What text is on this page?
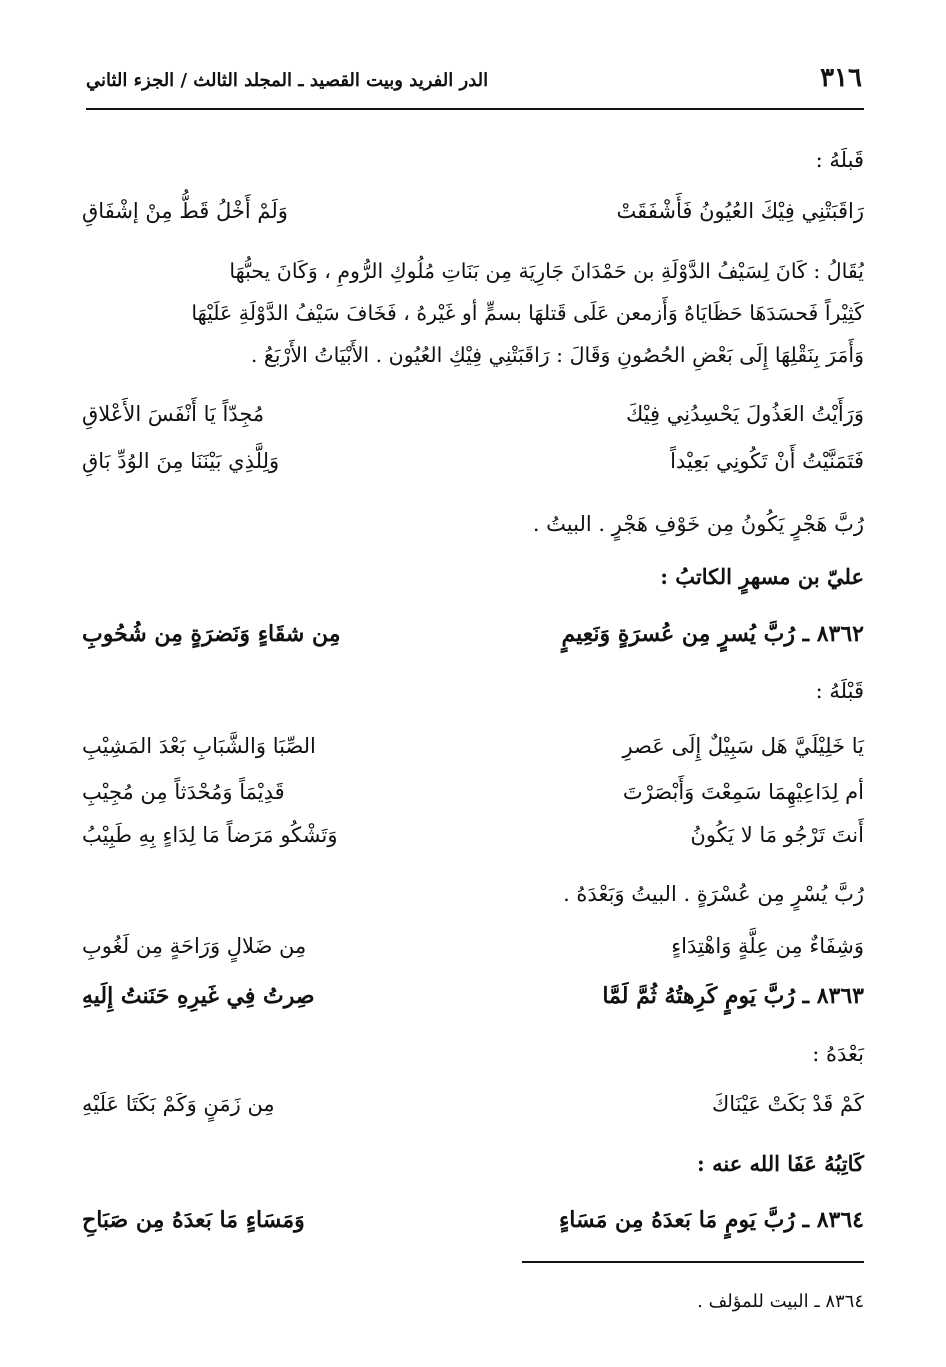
٣١٦
الدر الفريد وبيت القصيد ـ المجلد الثالث / الجزء الثاني
قَبلَهُ :
رَاقَبَتْنِي فِيْكَ العُيُونُ فَأَشْفَقَتْ
وَلَمْ أَخْلُ قَطُّ مِنْ إشْفَاقِ
يُقَالُ : كَانَ لِسَيْفُ الدَّوْلَةِ بن حَمْدَانَ جَارِيَة مِن بَنَاتِ مُلُوكِ الرُّومِ ، وَكَانَ يحبُّهَا
كَثِيْراً فَحسَدَهَا حَظَايَاهُ وَأَزمعن عَلَى قَتلهَا بسمٍّ أو غَيْرهُ ، فَخَافَ سَيْفُ الدَّوْلَةِ عَلَيْهَا
وَأَمَرَ بِنَقْلِهَا إِلَى بَعْضِ الحُصُونِ وَقَالَ : رَاقَبَتْنِي فِيْكِ العُيُون . الأَبْيَاتُ الأَرْبَعُ .
وَرَأَيْتُ العَذُولَ يَحْسِدُنِي فِيْكَ
مُجِدّاً يَا أَنْفَسَ الأَعْلاقِ
فَتَمَنَّيْتُ أَنْ تَكُونِي بَعِيْداً
وَلِلَّذِي بَيْنَنَا مِنَ الوُدِّ بَاقِ
رُبَّ هَجْرٍ يَكُونُ مِن خَوْفِ هَجْرٍ . البيتُ .
عليّ بن مسهرٍ الكاتبُ :
٨٣٦٢ ـ رُبَّ يُسرٍ مِن عُسرَةٍ وَنَعِيمٍ
مِن شقَاءٍ وَنَضرَةٍ مِن شُحُوبِ
قَبْلَهُ :
يَا خَلِيْلَيَّ هَل سَبِيْلٌ إِلَى عَصرِ
الصِّبَا وَالشَّبَابِ بَعْدَ المَشِيْبِ
أم لِدَاعِيْهِمَا سَمِعْتَ وَأَبْصَرْتَ
قَدِيْمَاً وَمُحْدَثاً مِن مُجِيْبِ
أَنتَ تَرْجُو مَا لا يَكُونُ
وَتَشْكُو مَرَضاً مَا لِدَاءٍ بِهِ طَبِيْبُ
رُبَّ يُسْرٍ مِن عُسْرَةٍ . البيتُ وَبَعْدَهُ .
وَشِفَاءٌ مِن عِلَّةٍ وَاهْتِدَاءٍ
مِن ضَلالٍ وَرَاحَةٍ مِن لَغُوبِ
٨٣٦٣ ـ رُبَّ يَومٍ كَرِهتُهُ ثُمَّ لَمَّا
صِرتُ فِي غَيرِهِ حَنَنتُ إِلَيهِ
بَعْدَهُ :
كَمْ قَدْ بَكَتْ عَيْنَاكَ
مِن زَمَنٍ وَكَمْ بَكَتَا عَلَيْهِ
كَاتِبُهُ عَفَا الله عنه :
٨٣٦٤ ـ رُبَّ يَومٍ مَا بَعدَهُ مِن مَسَاءٍ
وَمَسَاءٍ مَا بَعدَهُ مِن صَبَاحِ
٨٣٦٤ ـ البيت للمؤلف .
